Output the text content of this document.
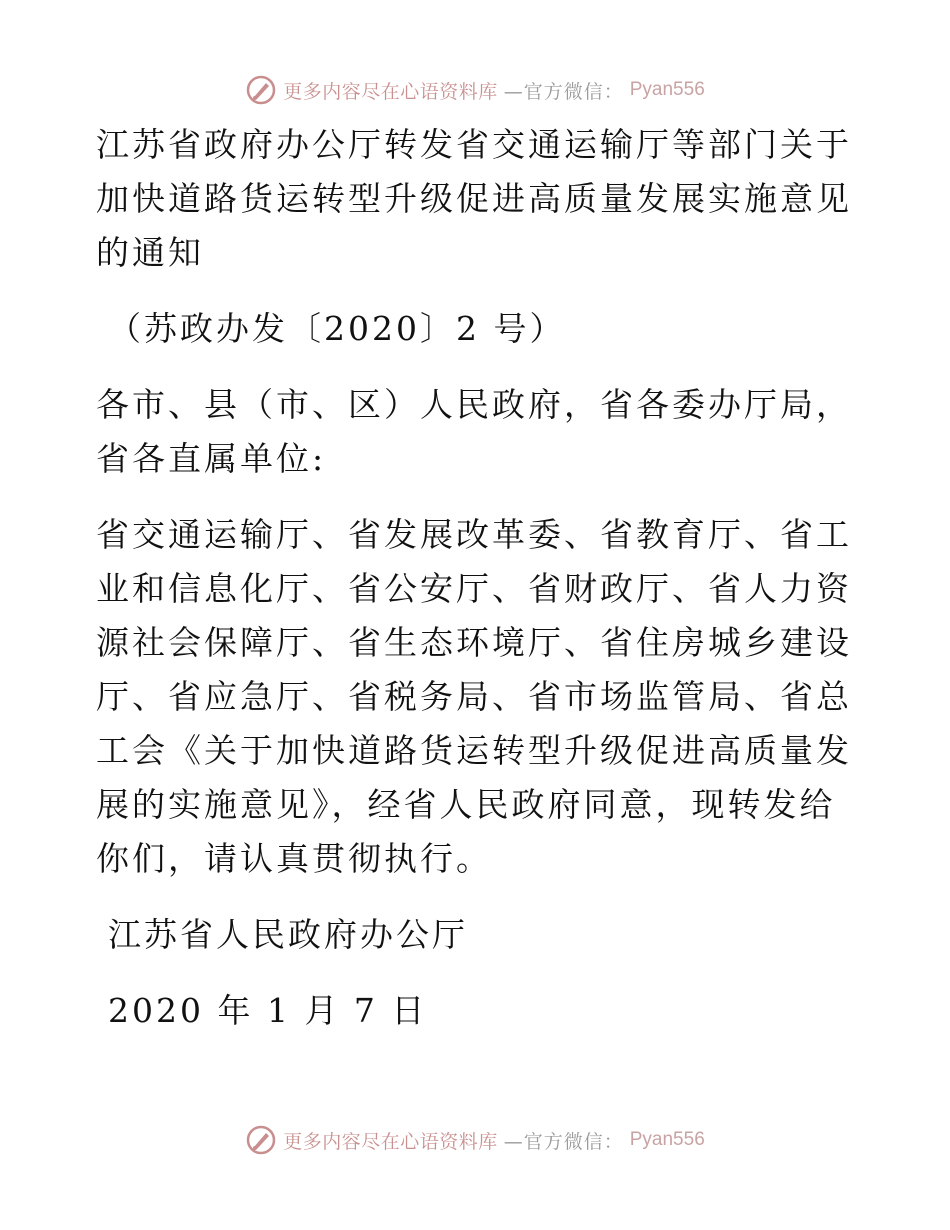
更多内容尽在心语资料库 —官方微信： Pyan556

江苏省政府办公厅转发省交通运输厅等部门关于加快道路货运转型升级促进高质量发展实施意见的通知

（苏政办发〔2020〕2 号）

各市、县（市、区）人民政府，省各委办厅局，省各直属单位:

省交通运输厅、省发展改革委、省教育厅、省工业和信息化厅、省公安厅、省财政厅、省人力资源社会保障厅、省生态环境厅、省住房城乡建设厅、省应急厅、省税务局、省市场监管局、省总工会《关于加快道路货运转型升级促进高质量发展的实施意见》，经省人民政府同意，现转发给你们，请认真贯彻执行。

江苏省人民政府办公厅

2020 年 1 月 7 日

更多内容尽在心语资料库 —官方微信： Pyan556
